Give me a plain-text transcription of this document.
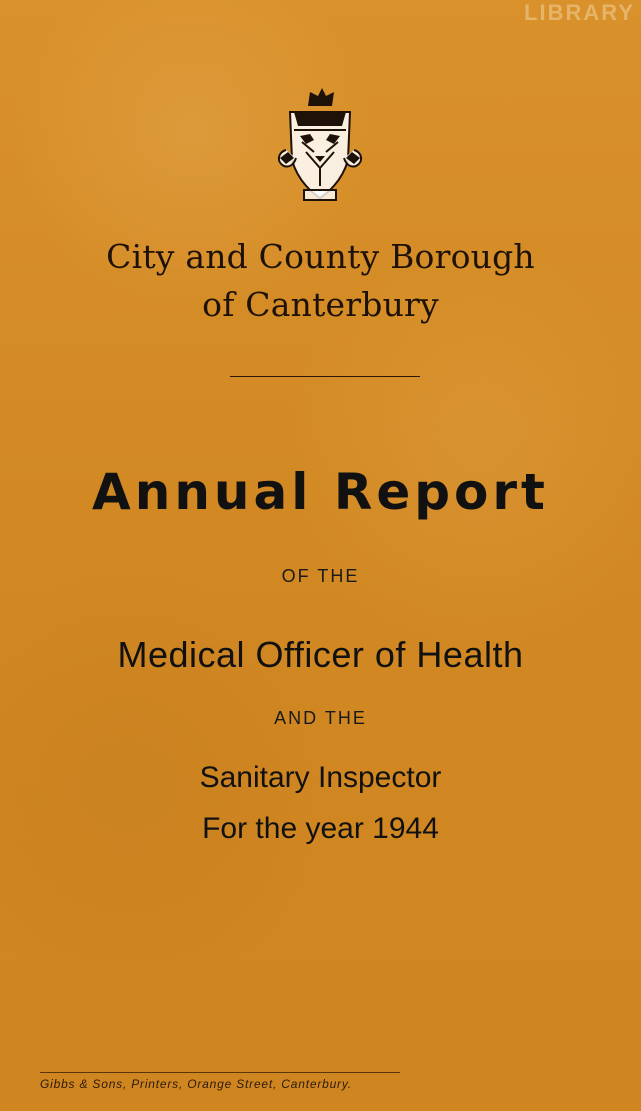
LIBRARY
City and County Borough
of Canterbury
Annual Report
OF THE
Medical Officer of Health
AND THE
Sanitary Inspector
For the year 1944
Gibbs & Sons, Printers, Orange Street, Canterbury.
